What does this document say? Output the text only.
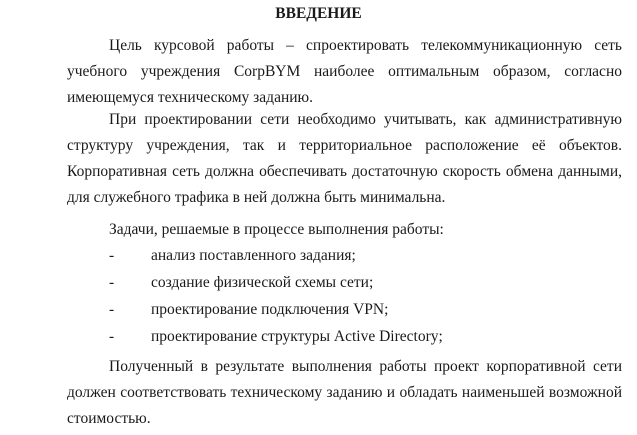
ВВЕДЕНИЕ

Цель курсовой работы – спроектировать телекоммуникационную сеть учебного учреждения CorpBYM наиболее оптимальным образом, согласно имеющемуся техническому заданию.

При проектировании сети необходимо учитывать, как административную структуру учреждения, так и территориальное расположение её объектов. Корпоративная сеть должна обеспечивать достаточную скорость обмена данными, для служебного трафика в ней должна быть минимальна.

Задачи, решаемые в процессе выполнения работы:
- анализ поставленного задания;
- создание физической схемы сети;
- проектирование подключения VPN;
- проектирование структуры Active Directory;

Полученный в результате выполнения работы проект корпоративной сети должен соответствовать техническому заданию и обладать наименьшей возможной стоимостью.
